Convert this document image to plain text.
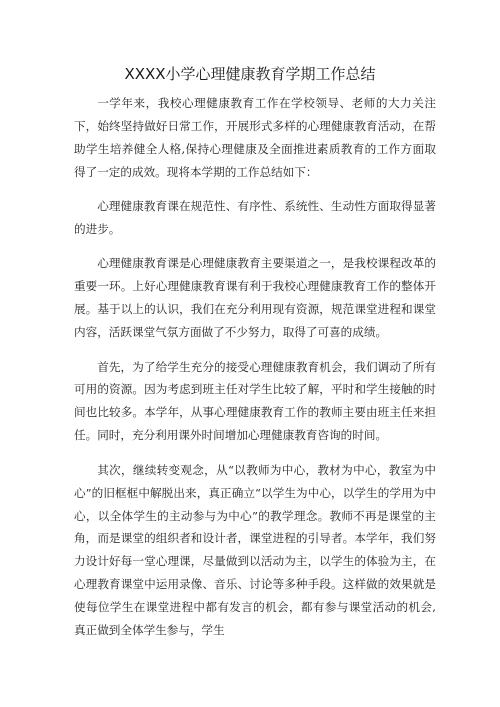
XXXX小学心理健康教育学期工作总结

一学年来，我校心理健康教育工作在学校领导、老师的大力关注下，始终坚持做好日常工作，开展形式多样的心理健康教育活动，在帮助学生培养健全人格,保持心理健康及全面推进素质教育的工作方面取得了一定的成效。现将本学期的工作总结如下：

心理健康教育课在规范性、有序性、系统性、生动性方面取得显著的进步。

心理健康教育课是心理健康教育主要渠道之一，是我校课程改革的重要一环。上好心理健康教育课有利于我校心理健康教育工作的整体开展。基于以上的认识，我们在充分利用现有资源，规范课堂进程和课堂内容，活跃课堂气氛方面做了不少努力，取得了可喜的成绩。

首先，为了给学生充分的接受心理健康教育机会，我们调动了所有可用的资源。因为考虑到班主任对学生比较了解，平时和学生接触的时间也比较多。本学年，从事心理健康教育工作的教师主要由班主任来担任。同时，充分利用课外时间增加心理健康教育咨询的时间。

其次，继续转变观念，从“以教师为中心，教材为中心，教室为中心”的旧框框中解脱出来，真正确立“以学生为中心，以学生的学用为中心，以全体学生的主动参与为中心”的教学理念。教师不再是课堂的主角，而是课堂的组织者和设计者，课堂进程的引导者。本学年，我们努力设计好每一堂心理课，尽量做到以活动为主，以学生的体验为主，在心理教育课堂中运用录像、音乐、讨论等多种手段。这样做的效果就是使每位学生在课堂进程中都有发言的机会，都有参与课堂活动的机会,真正做到全体学生参与，学生
